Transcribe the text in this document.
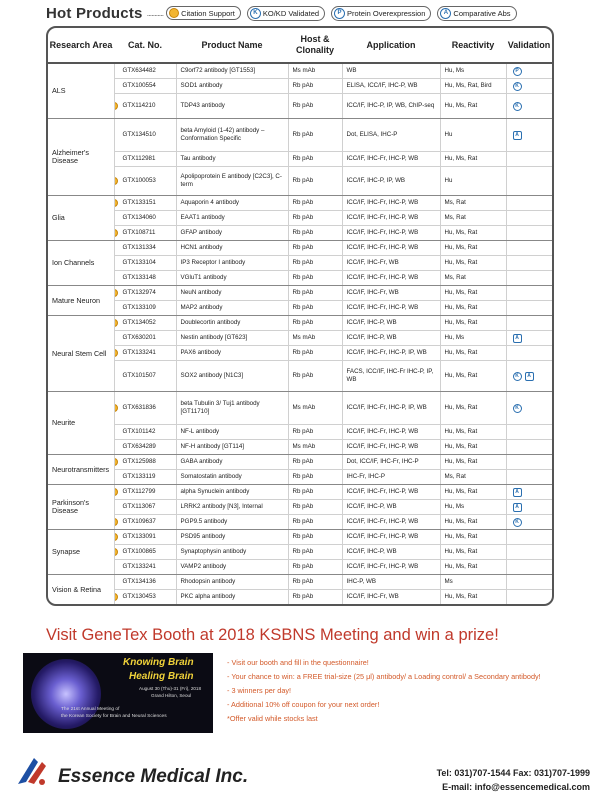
Hot Products ........... Citation Support	K KO/KD Validated	P Protein Overexpression	A Comparative Abs
Research Area	Cat. No.	Product Name	Host & Clonality	Application	Reactivity	Validation
ALS	GTX634482	C9orf72 antibody [GT1553]	Ms mAb	WB	Hu, Ms	P
	GTX100554	SOD1 antibody	Rb pAb	ELISA, ICC/IF, IHC-P, WB	Hu, Ms, Rat, Bird	K
	GTX114210	TDP43 antibody	Rb pAb	ICC/IF, IHC-P, IP, WB, ChIP-seq	Hu, Ms, Rat	K
Alzheimer's Disease	GTX134510	beta Amyloid (1-42) antibody – Conformation Specific	Rb pAb	Dot, ELISA, IHC-P	Hu	A
	GTX112981	Tau antibody	Rb pAb	ICC/IF, IHC-Fr, IHC-P, WB	Hu, Ms, Rat	
	GTX100053	Apolipoprotein E antibody [C2C3], C-term	Rb pAb	ICC/IF, IHC-P, IP, WB	Hu	
Glia	GTX133151	Aquaporin 4 antibody	Rb pAb	ICC/IF, IHC-Fr, IHC-P, WB	Ms, Rat	
	GTX134060	EAAT1 antibody	Rb pAb	ICC/IF, IHC-Fr, IHC-P, WB	Ms, Rat	
	GTX108711	GFAP antibody	Rb pAb	ICC/IF, IHC-Fr, IHC-P, WB	Hu, Ms, Rat	
Ion Channels	GTX131334	HCN1 antibody	Rb pAb	ICC/IF, IHC-Fr, IHC-P, WB	Hu, Ms, Rat	
	GTX133104	IP3 Receptor I antibody	Rb pAb	ICC/IF, IHC-Fr, WB	Hu, Ms, Rat	
	GTX133148	VGluT1 antibody	Rb pAb	ICC/IF, IHC-Fr, IHC-P, WB	Ms, Rat	
Mature Neuron	GTX132974	NeuN antibody	Rb pAb	ICC/IF, IHC-Fr, WB	Hu, Ms, Rat	
	GTX133109	MAP2 antibody	Rb pAb	ICC/IF, IHC-Fr, IHC-P, WB	Hu, Ms, Rat	
Neural Stem Cell	GTX134052	Doublecortin antibody	Rb pAb	ICC/IF, IHC-P, WB	Hu, Ms, Rat	
	GTX630201	Nestin antibody [GT623]	Ms mAb	ICC/IF, IHC-P, WB	Hu, Ms	A
	GTX133241	PAX6 antibody	Rb pAb	ICC/IF, IHC-Fr, IHC-P, IP, WB	Hu, Ms, Rat	
	GTX101507	SOX2 antibody [N1C3]	Rb pAb	FACS, ICC/IF, IHC-Fr IHC-P, IP, WB	Hu, Ms, Rat	K A
Neurite	GTX631836	beta Tubulin 3/ Tuj1 antibody [GT11710]	Ms mAb	ICC/IF, IHC-Fr, IHC-P, IP, WB	Hu, Ms, Rat	K
	GTX101142	NF-L antibody	Rb pAb	ICC/IF, IHC-Fr, IHC-P, WB	Hu, Ms, Rat	
	GTX634289	NF-H antibody [GT114]	Ms mAb	ICC/IF, IHC-Fr, IHC-P, WB	Hu, Ms, Rat	
Neurotransmitters	GTX125988	GABA antibody	Rb pAb	Dot, ICC/IF, IHC-Fr, IHC-P	Hu, Ms, Rat	
	GTX133119	Somatostatin antibody	Rb pAb	IHC-Fr, IHC-P	Ms, Rat	
Parkinson's Disease	GTX112799	alpha Synuclein antibody	Rb pAb	ICC/IF, IHC-Fr, IHC-P, WB	Hu, Ms, Rat	A
	GTX113067	LRRK2 antibody [N3], Internal	Rb pAb	ICC/IF, IHC-P, WB	Hu, Ms	A
	GTX109637	PGP9.5 antibody	Rb pAb	ICC/IF, IHC-Fr, IHC-P, WB	Hu, Ms, Rat	K
Synapse	GTX133091	PSD95 antibody	Rb pAb	ICC/IF, IHC-Fr, IHC-P, WB	Hu, Ms, Rat	
	GTX100865	Synaptophysin antibody	Rb pAb	ICC/IF, IHC-P, WB	Hu, Ms, Rat	
	GTX133241	VAMP2 antibody	Rb pAb	ICC/IF, IHC-Fr, IHC-P, WB	Hu, Ms, Rat	
Vision & Retina	GTX134136	Rhodopsin antibody	Rb pAb	IHC-P, WB	Ms	
	GTX130453	PKC alpha antibody	Rb pAb	ICC/IF, IHC-Fr, WB	Hu, Ms, Rat	
Visit GeneTex Booth at 2018 KSBNS Meeting and win a prize!
Knowing Brain
Healing Brain
August 30 (Thu)-31 (Fri), 2018
Grand Hilton, Seoul
The 21st Annual Meeting of
the Korean Society for Brain and Neural Sciences
- Visit our booth and fill in the questionnaire!
- Your chance to win: a FREE trial-size (25 μl) antibody/ a Loading control/ a Secondary antibody!
- 3 winners per day!
- Additional 10% off coupon for your next order!
*Offer valid while stocks last
Essence Medical Inc.	Tel: 031)707-1544 Fax: 031)707-1999
E-mail: info@essencemedical.com
